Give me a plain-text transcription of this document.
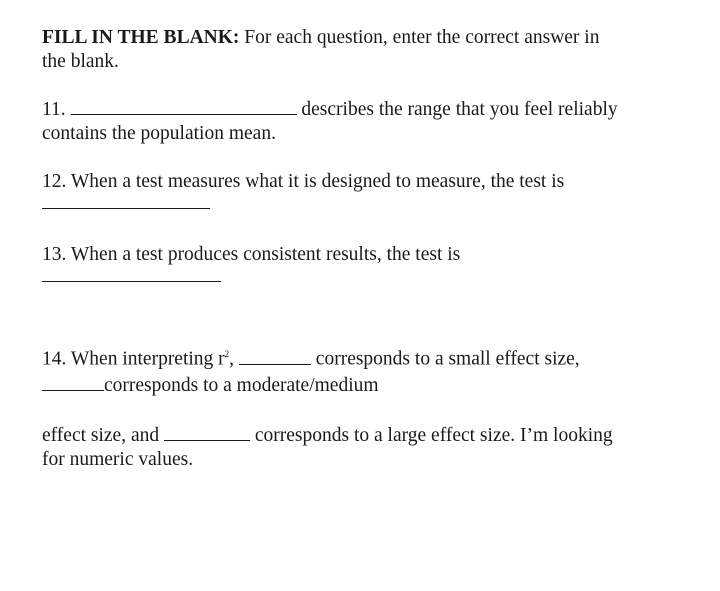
FILL IN THE BLANK: For each question, enter the correct answer in
the blank.

11.	describes the range that you feel reliably
contains the population mean.

12. When a test measures what it is designed to measure, the test is

13. When a test produces consistent results, the test is

14. When interpreting $r^2$,	corresponds to a small effect size,
corresponds to a moderate/medium

effect size, and	corresponds to a large effect size. I’m looking
for numeric values.
